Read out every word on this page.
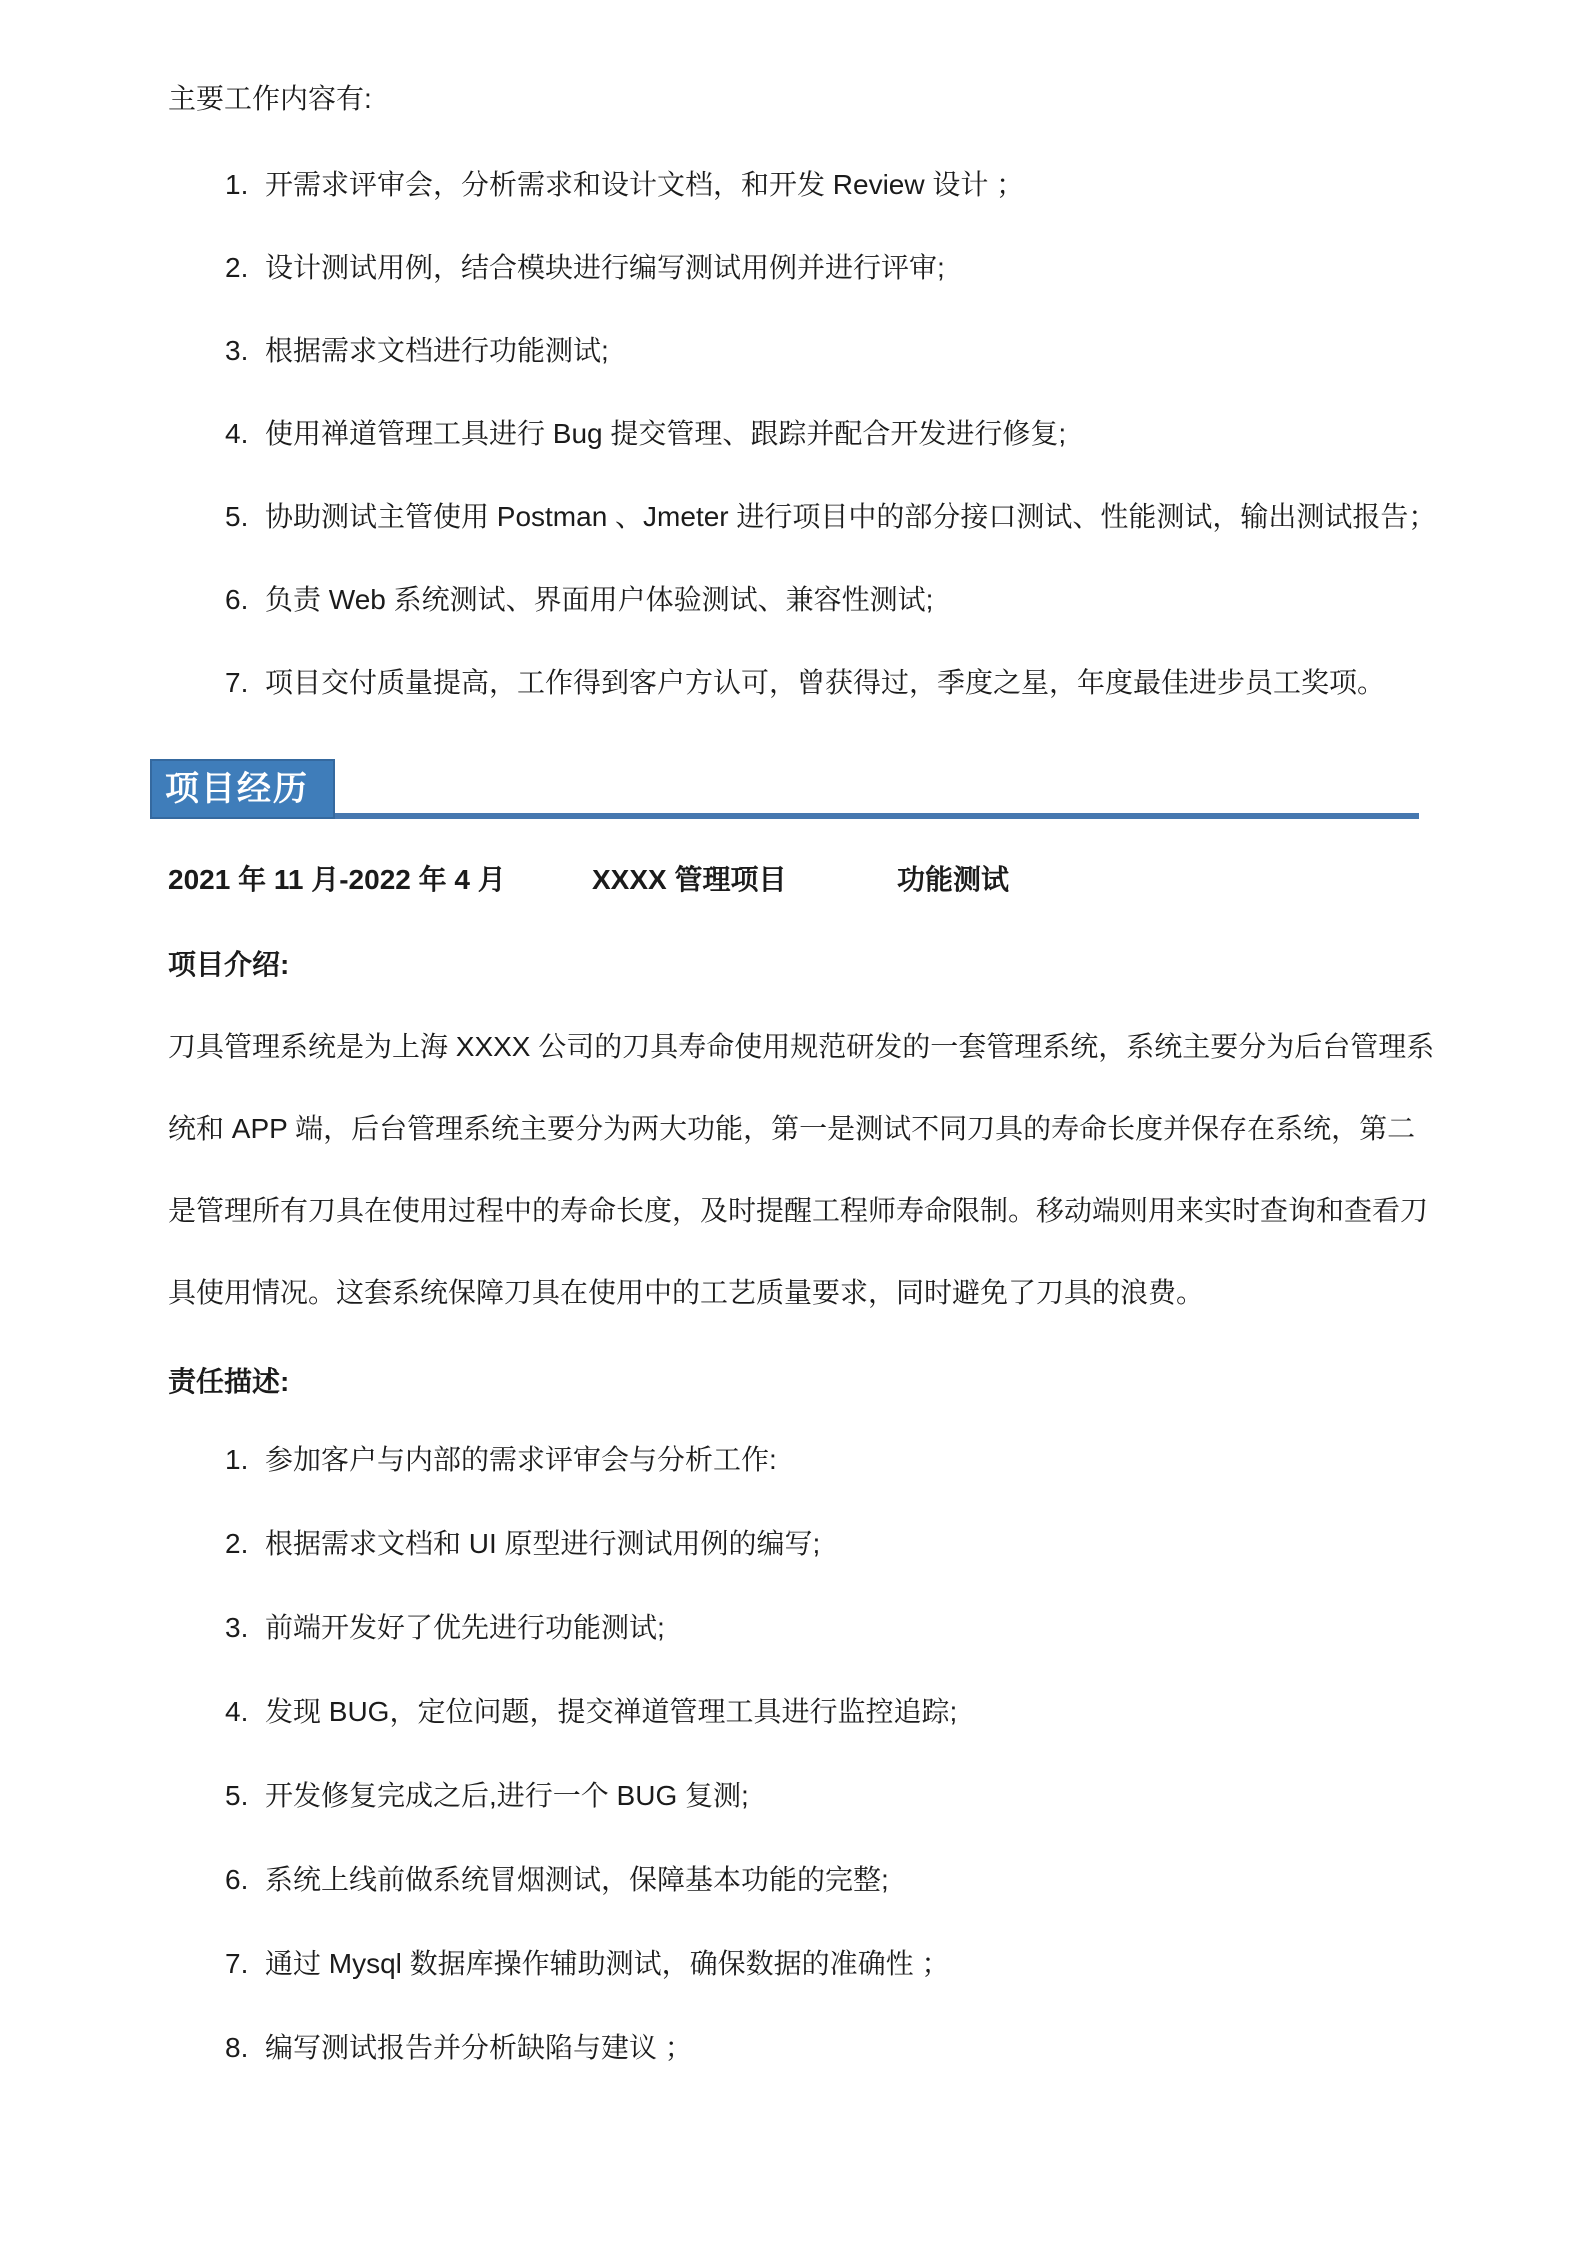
主要工作内容有:
1. 开需求评审会，分析需求和设计文档，和开发 Review 设计 ；
2. 设计测试用例，结合模块进行编写测试用例并进行评审;
3. 根据需求文档进行功能测试;
4. 使用禅道管理工具进行 Bug 提交管理、跟踪并配合开发进行修复;
5. 协助测试主管使用 Postman 、Jmeter 进行项目中的部分接口测试、性能测试，输出测试报告；
6. 负责 Web 系统测试、界面用户体验测试、兼容性测试;
7. 项目交付质量提高，工作得到客户方认可，曾获得过，季度之星，年度最佳进步员工奖项。
项目经历
2021 年 11 月-2022 年 4 月	XXXX 管理项目	功能测试
项目介绍:
刀具管理系统是为上海 XXXX 公司的刀具寿命使用规范研发的一套管理系统，系统主要分为后台管理系
统和 APP 端，后台管理系统主要分为两大功能，第一是测试不同刀具的寿命长度并保存在系统，第二
是管理所有刀具在使用过程中的寿命长度，及时提醒工程师寿命限制。移动端则用来实时查询和查看刀
具使用情况。这套系统保障刀具在使用中的工艺质量要求，同时避免了刀具的浪费。
责任描述:
1. 参加客户与内部的需求评审会与分析工作:
2. 根据需求文档和 UI 原型进行测试用例的编写;
3. 前端开发好了优先进行功能测试;
4. 发现 BUG，定位问题，提交禅道管理工具进行监控追踪;
5. 开发修复完成之后,进行一个 BUG 复测;
6. 系统上线前做系统冒烟测试，保障基本功能的完整;
7. 通过 Mysql 数据库操作辅助测试，确保数据的准确性 ；
8. 编写测试报告并分析缺陷与建议 ；
